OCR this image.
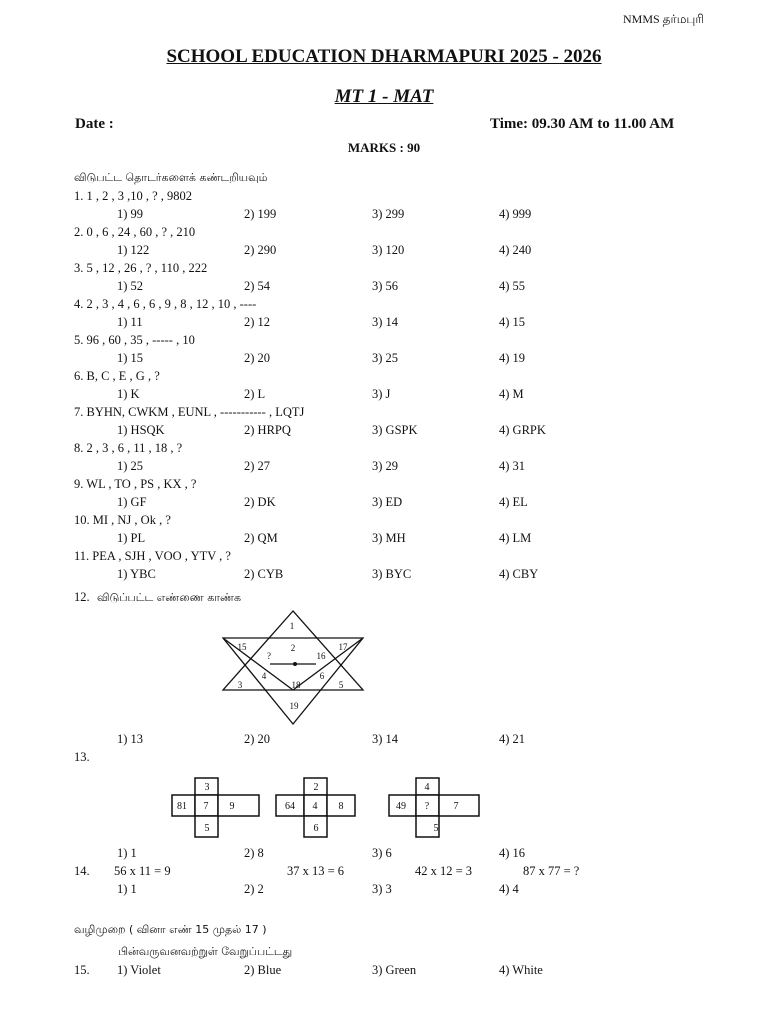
NMMS தர்மபுரி
SCHOOL EDUCATION DHARMAPURI 2025 - 2026
MT 1 - MAT
Date :	Time: 09.30 AM to 11.00 AM
MARKS : 90
விடுபட்ட தொடர்களைக் கண்டறியவும்
1. 1 , 2 , 3 ,10 , ? , 9802
1) 99	2) 199	3) 299	4) 999
2. 0 , 6 , 24 , 60 , ? , 210
1) 122	2) 290	3) 120	4) 240
3. 5 , 12 , 26 , ? , 110 , 222
1) 52	2) 54	3) 56	4) 55
4. 2 , 3 , 4 , 6 , 6 , 9 , 8 , 12 , 10 , ----
1) 11	2) 12	3) 14	4) 15
5. 96 , 60 , 35 , ----- , 10
1) 15	2) 20	3) 25	4) 19
6. B, C , E , G , ?
1) K	2) L	3) J	4) M
7. BYHN, CWKM , EUNL , ----------- , LQTJ
1) HSQK	2) HRPQ	3) GSPK	4) GRPK
8. 2 , 3 , 6 , 11 , 18 , ?
1) 25	2) 27	3) 29	4) 31
9. WL , TO , PS , KX , ?
1) GF	2) DK	3) ED	4) EL
10. MI , NJ , Ok , ?
1) PL	2) QM	3) MH	4) LM
11. PEA , SJH , VOO , YTV , ?
1) YBC	2) CYB	3) BYC	4) CBY
12. விடுப்பட்ட எண்ணை காண்க
1
15
?
2
16
17
3
4
18
6
5
19
1) 13	2) 20	3) 14	4) 21
13.
3
81 7 9
5
2
64 4 8
6
4
49 ? 7
5
1) 1	2) 8	3) 6	4) 16
14. 56 x 11 = 9	37 x 13 = 6	42 x 12 = 3	87 x 77 = ?
1) 1	2) 2	3) 3	4) 4
வழிமுறை ( வினா எண் 15 முதல் 17 )
பின்வருவனவற்றுள் வேறுப்பட்டது
15. 1) Violet	2) Blue	3) Green	4) White
